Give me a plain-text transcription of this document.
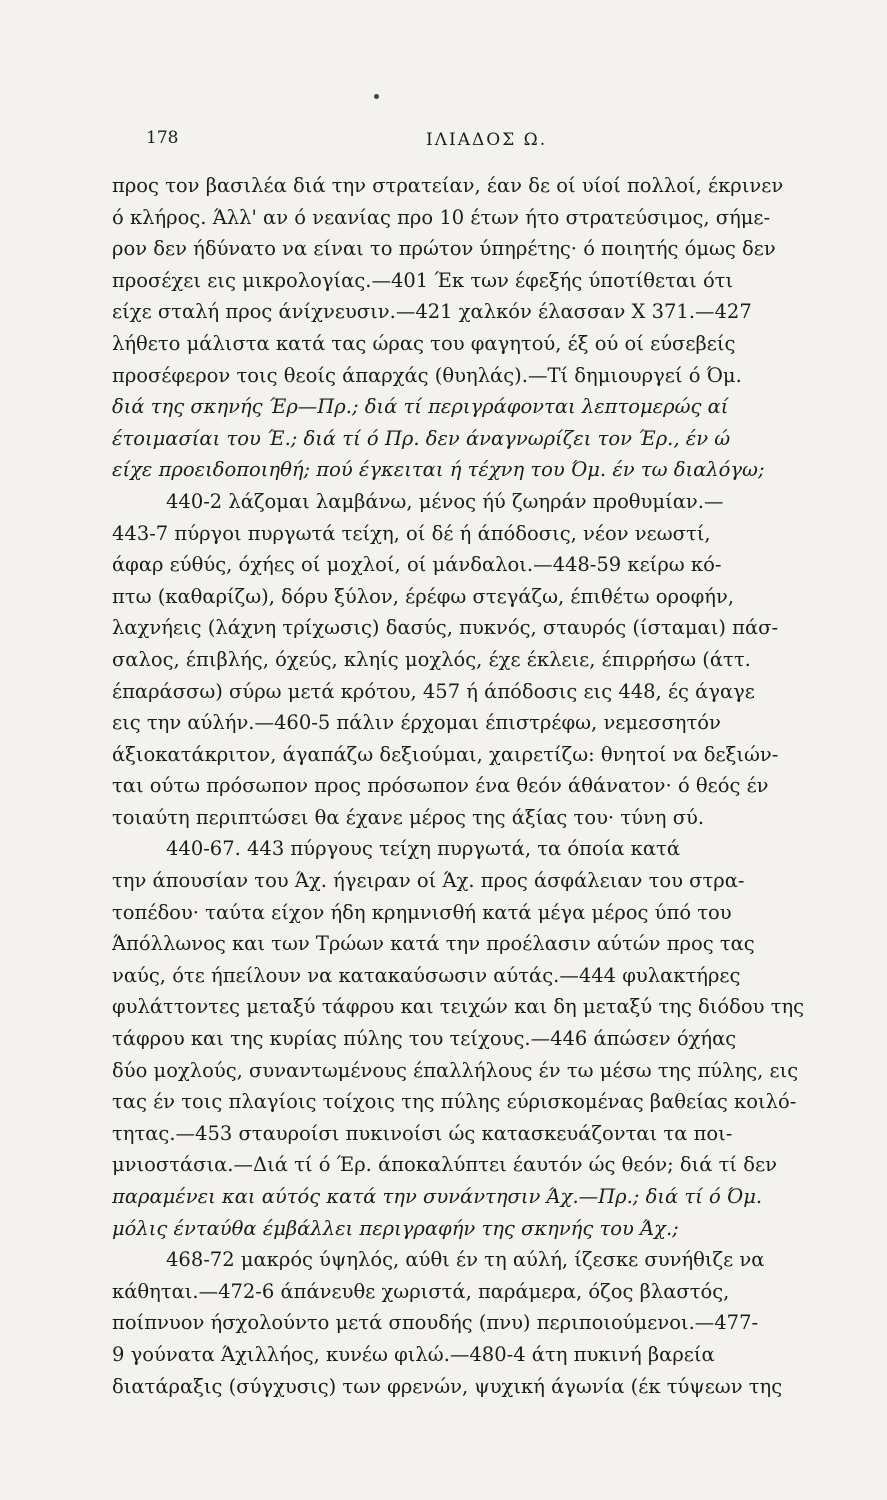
178	ΙΛΙΑΔΟΣ Ω.
προς τον βασιλέα διά την στρατείαν, έαν δε οί υίοί πολλοί, έκρινεν
ό κλήρος. Άλλ' αν ό νεανίας προ 10 έτων ήτο στρατεύσιμος, σήμε-
ρον δεν ήδύνατο να είναι το πρώτον ύπηρέτης· ό ποιητής όμως δεν
προσέχει εις μικρολογίας.—401 Έκ των έφεξής ύποτίθεται ότι
είχε σταλή προς άνίχνευσιν.—421 χαλκόν έλασσαν Χ 371.—427
λήθετο μάλιστα κατά τας ώρας του φαγητού, έξ ού οί εύσεβείς
προσέφερον τοις θεοίς άπαρχάς (θυηλάς).—Τί δημιουργεί ό Όμ.
διά της σκηνής Έρ—Πρ.; διά τί περιγράφονται λεπτομερώς αί
έτοιμασίαι του Έ.; διά τί ό Πρ. δεν άναγνωρίζει τον Έρ., έν ώ
είχε προειδοποιηθή; πού έγκειται ή τέχνη του Όμ. έν τω διαλόγω;
440-2 λάζομαι λαμβάνω, μένος ήύ ζωηράν προθυμίαν.—
443-7 πύργοι πυργωτά τείχη, οί δέ ή άπόδοσις, νέον νεωστί,
άφαρ εύθύς, όχήες οί μοχλοί, οί μάνδαλοι.—448-59 κείρω κό-
πτω (καθαρίζω), δόρυ ξύλον, έρέφω στεγάζω, έπιθέτω οροφήν,
λαχνήεις (λάχνη τρίχωσις) δασύς, πυκνός, σταυρός (ίσταμαι) πάσ-
σαλος, έπιβλής, όχεύς, κληίς μοχλός, έχε έκλειε, έπιρρήσω (άττ.
έπαράσσω) σύρω μετά κρότου, 457 ή άπόδοσις εις 448, ές άγαγε
εις την αύλήν.—460-5 πάλιν έρχομαι έπιστρέφω, νεμεσσητόν
άξιοκατάκριτον, άγαπάζω δεξιούμαι, χαιρετίζω: θνητοί να δεξιών-
ται ούτω πρόσωπον προς πρόσωπον ένα θεόν άθάνατον· ό θεός έν
τοιαύτη περιπτώσει θα έχανε μέρος της άξίας του· τύνη σύ.
440-67. 443 πύργους τείχη πυργωτά, τα όποία κατά
την άπουσίαν του Άχ. ήγειραν οί Άχ. προς άσφάλειαν του στρα-
τοπέδου· ταύτα είχον ήδη κρημνισθή κατά μέγα μέρος ύπό του
Άπόλλωνος και των Τρώων κατά την προέλασιν αύτών προς τας
ναύς, ότε ήπείλουν να κατακαύσωσιν αύτάς.—444 φυλακτήρες
φυλάττοντες μεταξύ τάφρου και τειχών και δη μεταξύ της διόδου της
τάφρου και της κυρίας πύλης του τείχους.—446 άπώσεν όχήας
δύο μοχλούς, συναντωμένους έπαλλήλους έν τω μέσω της πύλης, εις
τας έν τοις πλαγίοις τοίχοις της πύλης εύρισκομένας βαθείας κοιλό-
τητας.—453 σταυροίσι πυκινοίσι ώς κατασκευάζονται τα ποι-
μνιοστάσια.—Διά τί ό Έρ. άποκαλύπτει έαυτόν ώς θεόν; διά τί δεν
παραμένει και αύτός κατά την συνάντησιν Άχ.—Πρ.; διά τί ό Όμ.
μόλις ένταύθα έμβάλλει περιγραφήν της σκηνής του Άχ.;
468-72 μακρός ύψηλός, αύθι έν τη αύλή, ίζεσκε συνήθιζε να
κάθηται.—472-6 άπάνευθε χωριστά, παράμερα, όζος βλαστός,
ποίπνυον ήσχολούντο μετά σπουδής (πνυ) περιποιούμενοι.—477-
9 γούνατα Άχιλλήος, κυνέω φιλώ.—480-4 άτη πυκινή βαρεία
διατάραξις (σύγχυσις) των φρενών, ψυχική άγωνία (έκ τύψεων της
